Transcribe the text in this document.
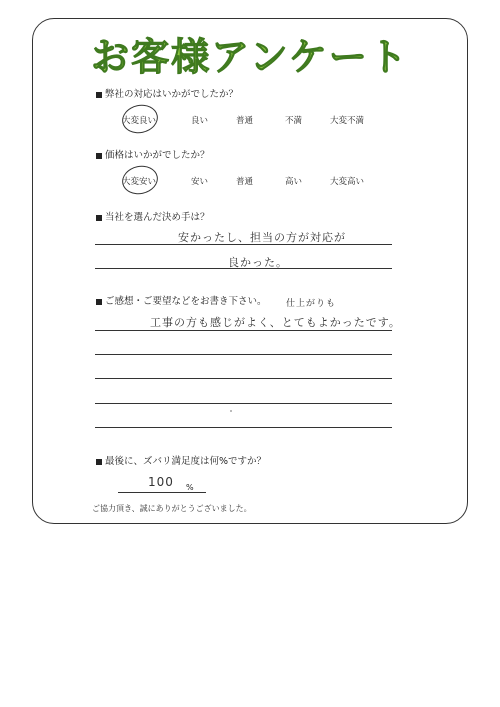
お客様アンケート
弊社の対応はいかがでしたか？
大変良い	良い	普通	不満	大変不満
価格はいかがでしたか？
大変安い	安い	普通	高い	大変高い
当社を選んだ決め手は？
安かったし、担当の方が対応が
良かった。
ご感想・ご要望などをお書き下さい。 仕上がりも
工事の方も感じがよく、とてもよかったです。
最後に、ズバリ満足度は何%ですか？
100 %
ご協力頂き、誠にありがとうございました。
